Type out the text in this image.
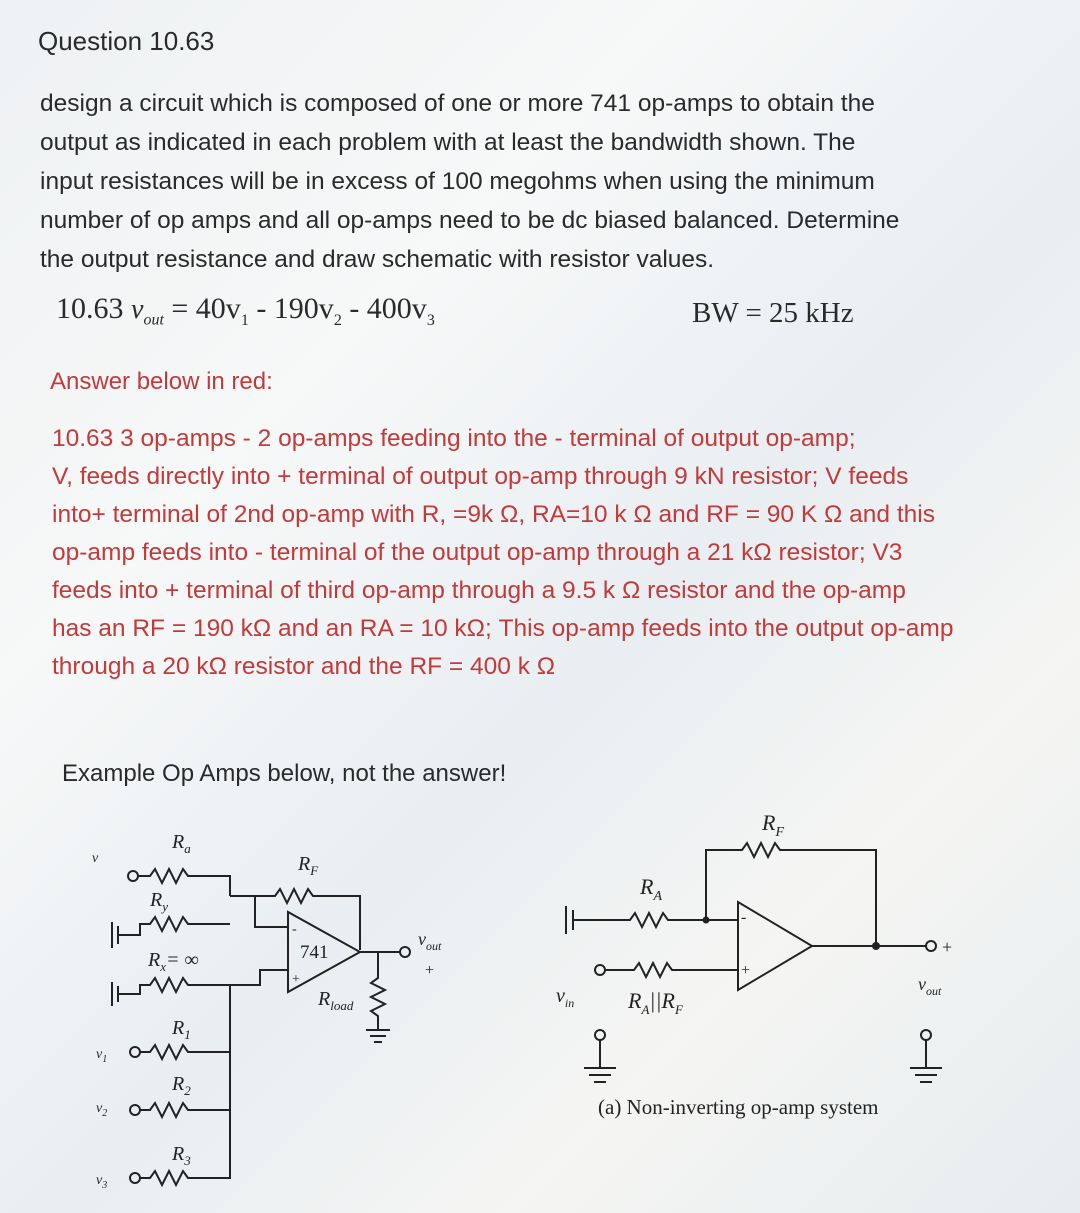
Question 10.63
design a circuit which is composed of one or more 741 op-amps to obtain the
output as indicated in each problem with at least the bandwidth shown. The
input resistances will be in excess of 100 megohms when using the minimum
number of op amps and all op-amps need to be dc biased balanced. Determine
the output resistance and draw schematic with resistor values.
10.63 $v_{out} = 40v_1 - 190v_2 - 400v_3$	BW = 25 kHz
Answer below in red:
10.63 3 op-amps - 2 op-amps feeding into the - terminal of output op-amp;
V, feeds directly into + terminal of output op-amp through 9 kN resistor; V feeds
into+ terminal of 2nd op-amp with R, =9k Ω, RA=10 k Ω and RF = 90 K Ω and this
op-amp feeds into - terminal of the output op-amp through a 21 kΩ resistor; V3
feeds into + terminal of third op-amp through a 9.5 k Ω resistor and the op-amp
has an RF = 190 kΩ and an RA = 10 kΩ; This op-amp feeds into the output op-amp
through a 20 kΩ resistor and the RF = 400 k Ω
Example Op Amps below, not the answer!
v
$R_a$
$R_y$
$R_x=$ ∞
$R_F$
741
-
+
$v_{out}$
+
$R_{load}$
$v_1$
$R_1$
$v_2$
$R_2$
$v_3$
$R_3$
$R_F$
$R_A$
-
+
$v_{in}$ $R_A||R_F$
+
$v_{out}$
(a) Non-inverting op-amp system
